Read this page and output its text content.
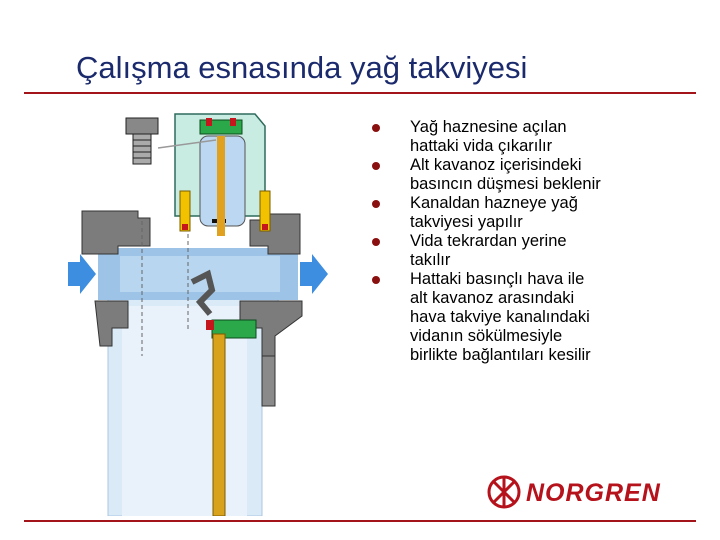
Çalışma esnasında yağ takviyesi
Yağ haznesine açılan
hattaki vida çıkarılır
Alt kavanoz içerisindeki
basıncın düşmesi beklenir
Kanaldan hazneye yağ
takviyesi yapılır
Vida tekrardan yerine
takılır
Hattaki basınçlı hava ile
alt kavanoz arasındaki
hava takviye kanalındaki
vidanın sökülmesiyle
birlikte bağlantıları kesilir
NORGREN
